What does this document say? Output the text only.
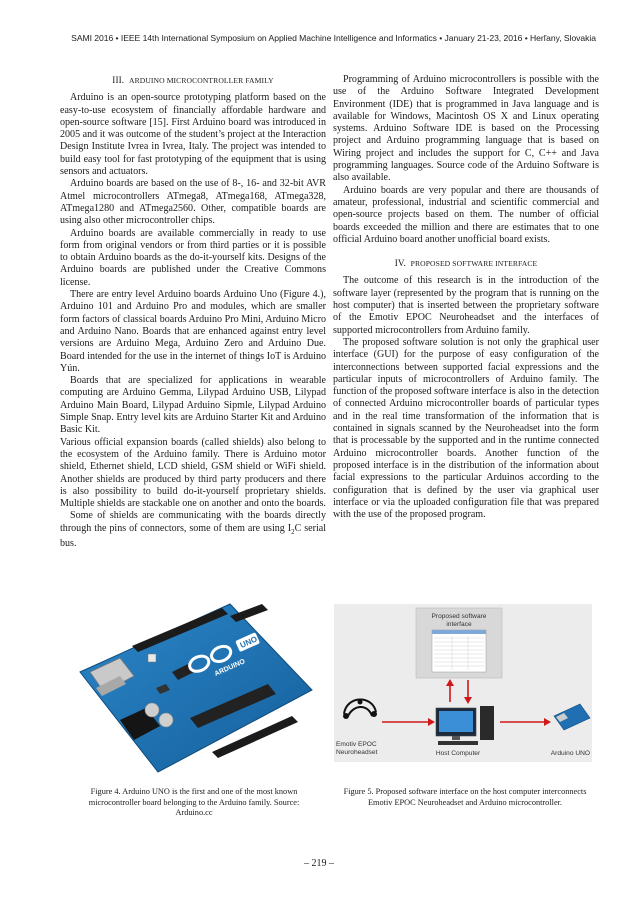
SAMI 2016 • IEEE 14th International Symposium on Applied Machine Intelligence and Informatics • January 21-23, 2016 • Herľany, Slovakia
III. ARDUINO MICROCONTROLLER FAMILY

Arduino is an open-source prototyping platform based on the easy-to-use ecosystem of financially affordable hardware and open-source software [15]. First Arduino board was introduced in 2005 and it was outcome of the student’s project at the Interaction Design Institute Ivrea in Ivrea, Italy. The project was intended to build easy tool for fast prototyping of the equipment that is using sensors and actuators.

Arduino boards are based on the use of 8-, 16- and 32-bit AVR Atmel microcontrollers ATmega8, ATmega168, ATmega328, ATmega1280 and ATmega2560. Other, compatible boards are using also other microcontroller chips.

Arduino boards are available commercially in ready to use form from original vendors or from third parties or it is possible to obtain Arduino boards as the do-it-yourself kits. Designs of the Arduino boards are published under the Creative Commons license.

There are entry level Arduino boards Arduino Uno (Figure 4.), Arduino 101 and Arduino Pro and modules, which are smaller form factors of classical boards Arduino Pro Mini, Arduino Micro and Arduino Nano. Boards that are enhanced against entry level versions are Arduino Mega, Arduino Zero and Arduino Due. Board intended for the use in the internet of things IoT is Arduino Yún.

Boards that are specialized for applications in wearable computing are Arduino Gemma, Lilypad Arduino USB, Lilypad Arduino Main Board, Lilypad Arduino Sipmle, Lilypad Arduino Simple Snap. Entry level kits are Arduino Starter Kit and Arduino Basic Kit.

Various official expansion boards (called shields) also belong to the ecosystem of the Arduino family. There is Arduino motor shield, Ethernet shield, LCD shield, GSM shield or WiFi shield. Another shields are produced by third party producers and there is also possibility to build do-it-yourself proprietary shields. Multiple shields are stackable one on another and onto the boards.

Some of shields are communicating with the boards directly through the pins of connectors, some of them are using $I_2C$ serial bus.

Programming of Arduino microcontrollers is possible with the use of the Arduino Software Integrated Development Environment (IDE) that is programmed in Java language and is available for Windows, Macintosh OS X and Linux operating systems. Arduino Software IDE is based on the Processing project and Arduino programming language that is based on Wiring project and includes the support for C, C++ and Java programming languages. Source code of the Arduino Software is also available.

Arduino boards are very popular and there are thousands of amateur, professional, industrial and scientific commercial and open-source projects based on them. The number of official boards exceeded the million and there are estimates that to one official Arduino board another unofficial board exists.

IV. PROPOSED SOFTWARE INTERFACE

The outcome of this research is in the introduction of the software layer (represented by the program that is running on the host computer) that is inserted between the proprietary software of the Emotiv EPOC Neuroheadset and the interfaces of supported microcontrollers from Arduino family.

The proposed software solution is not only the graphical user interface (GUI) for the purpose of easy configuration of the interconnections between supported facial expressions and the particular inputs of microcontrollers of Arduino family. The function of the proposed software interface is also in the detection of connected Arduino microcontroller boards of particular types and in the real time transformation of the information that is contained in signals scanned by the Neuroheadset into the form that is processable by the supported and in the runtime connected Arduino microcontroller boards. Another function of the proposed interface is in the distribution of the information about facial expressions to the particular Arduinos according to the configuration that is defined by the user via graphical user interface or via the uploaded configuration file that was prepared with the use of the proposed program.

ARDUINO
UNO
Proposed software
interface
Emotiv EPOC
Neuroheadset	Host Computer	Arduino UNO
Figure 4. Arduino UNO is the first and one of the most known microcontroller board belonging to the Arduino family. Source: Arduino.cc
Figure 5. Proposed software interface on the host computer interconnects Emotiv EPOC Neuroheadset and Arduino microcontroller.
– 219 –
